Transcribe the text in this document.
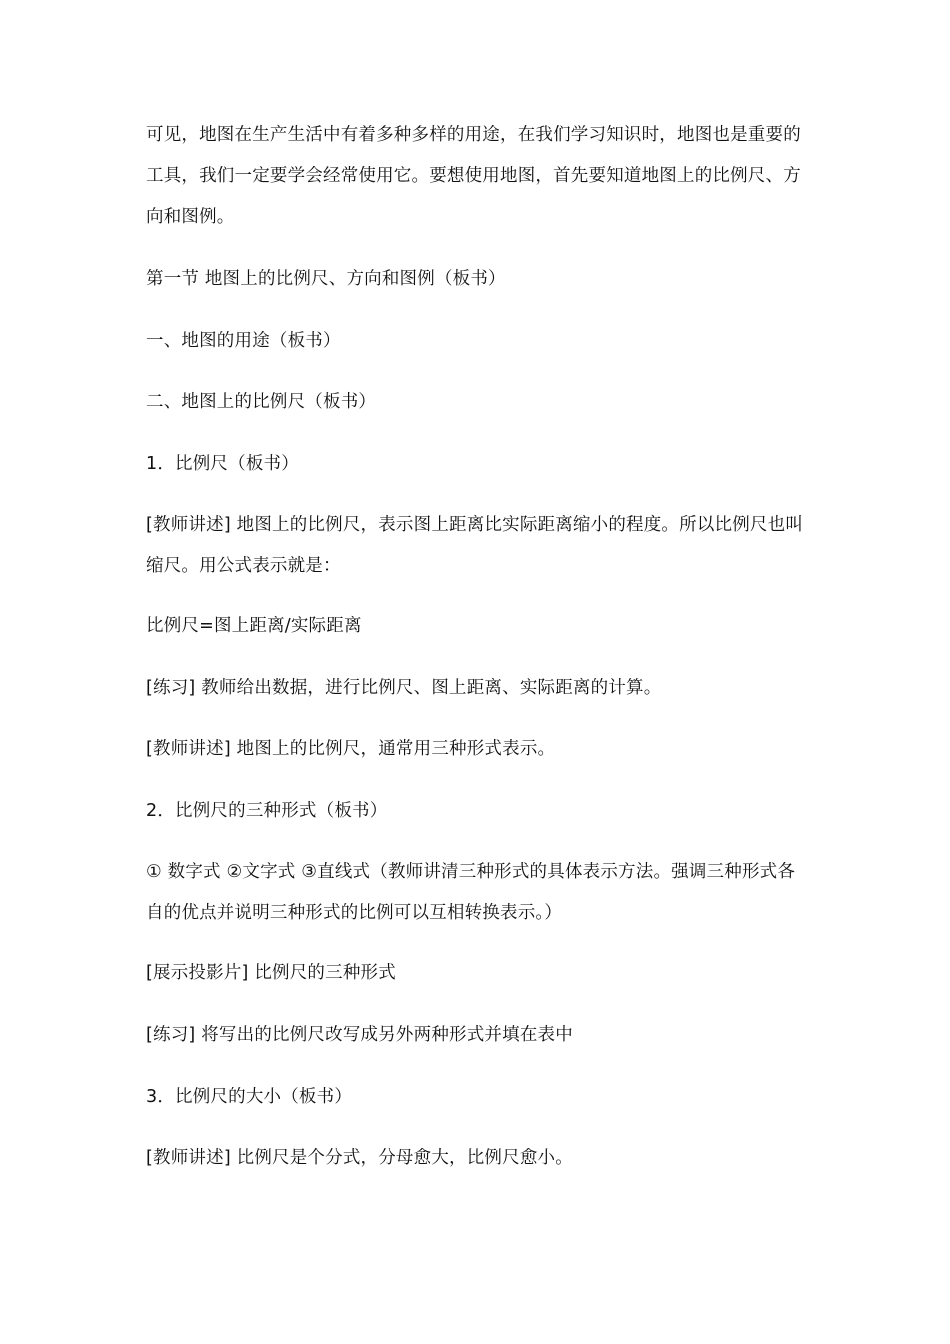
可见，地图在生产生活中有着多种多样的用途，在我们学习知识时，地图也是重要的工具，我们一定要学会经常使用它。要想使用地图，首先要知道地图上的比例尺、方向和图例。

第一节 地图上的比例尺、方向和图例（板书）

一、地图的用途（板书）

二、地图上的比例尺（板书）

1．比例尺（板书）

[教师讲述] 地图上的比例尺，表示图上距离比实际距离缩小的程度。所以比例尺也叫缩尺。用公式表示就是：

比例尺=图上距离/实际距离

[练习] 教师给出数据，进行比例尺、图上距离、实际距离的计算。

[教师讲述] 地图上的比例尺，通常用三种形式表示。

2．比例尺的三种形式（板书）

① 数字式 ②文字式 ③直线式（教师讲清三种形式的具体表示方法。强调三种形式各自的优点并说明三种形式的比例可以互相转换表示。）

[展示投影片] 比例尺的三种形式

[练习] 将写出的比例尺改写成另外两种形式并填在表中

3．比例尺的大小（板书）

[教师讲述] 比例尺是个分式，分母愈大，比例尺愈小。
